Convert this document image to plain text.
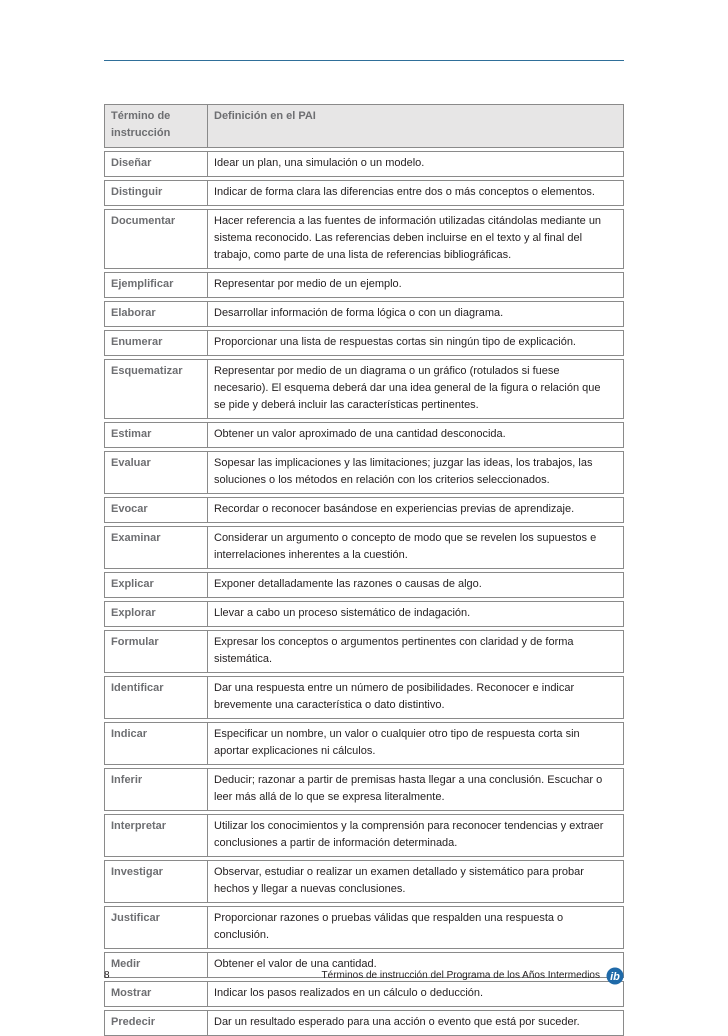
Término de instrucción	Definición en el PAI

Diseñar	Idear un plan, una simulación o un modelo.

Distinguir	Indicar de forma clara las diferencias entre dos o más conceptos o elementos.

Documentar	Hacer referencia a las fuentes de información utilizadas citándolas mediante un sistema reconocido. Las referencias deben incluirse en el texto y al final del trabajo, como parte de una lista de referencias bibliográficas.

Ejemplificar	Representar por medio de un ejemplo.

Elaborar	Desarrollar información de forma lógica o con un diagrama.

Enumerar	Proporcionar una lista de respuestas cortas sin ningún tipo de explicación.

Esquematizar	Representar por medio de un diagrama o un gráfico (rotulados si fuese necesario). El esquema deberá dar una idea general de la figura o relación que se pide y deberá incluir las características pertinentes.

Estimar	Obtener un valor aproximado de una cantidad desconocida.

Evaluar	Sopesar las implicaciones y las limitaciones; juzgar las ideas, los trabajos, las soluciones o los métodos en relación con los criterios seleccionados.

Evocar	Recordar o reconocer basándose en experiencias previas de aprendizaje.

Examinar	Considerar un argumento o concepto de modo que se revelen los supuestos e interrelaciones inherentes a la cuestión.

Explicar	Exponer detalladamente las razones o causas de algo.

Explorar	Llevar a cabo un proceso sistemático de indagación.

Formular	Expresar los conceptos o argumentos pertinentes con claridad y de forma sistemática.

Identificar	Dar una respuesta entre un número de posibilidades. Reconocer e indicar brevemente una característica o dato distintivo.

Indicar	Especificar un nombre, un valor o cualquier otro tipo de respuesta corta sin aportar explicaciones ni cálculos.

Inferir	Deducir; razonar a partir de premisas hasta llegar a una conclusión. Escuchar o leer más allá de lo que se expresa literalmente.

Interpretar	Utilizar los conocimientos y la comprensión para reconocer tendencias y extraer conclusiones a partir de información determinada.

Investigar	Observar, estudiar o realizar un examen detallado y sistemático para probar hechos y llegar a nuevas conclusiones.

Justificar	Proporcionar razones o pruebas válidas que respalden una respuesta o conclusión.

Medir	Obtener el valor de una cantidad.

Mostrar	Indicar los pasos realizados en un cálculo o deducción.

Predecir	Dar un resultado esperado para una acción o evento que está por suceder.
8	Términos de instrucción del Programa de los Años Intermedios ib
